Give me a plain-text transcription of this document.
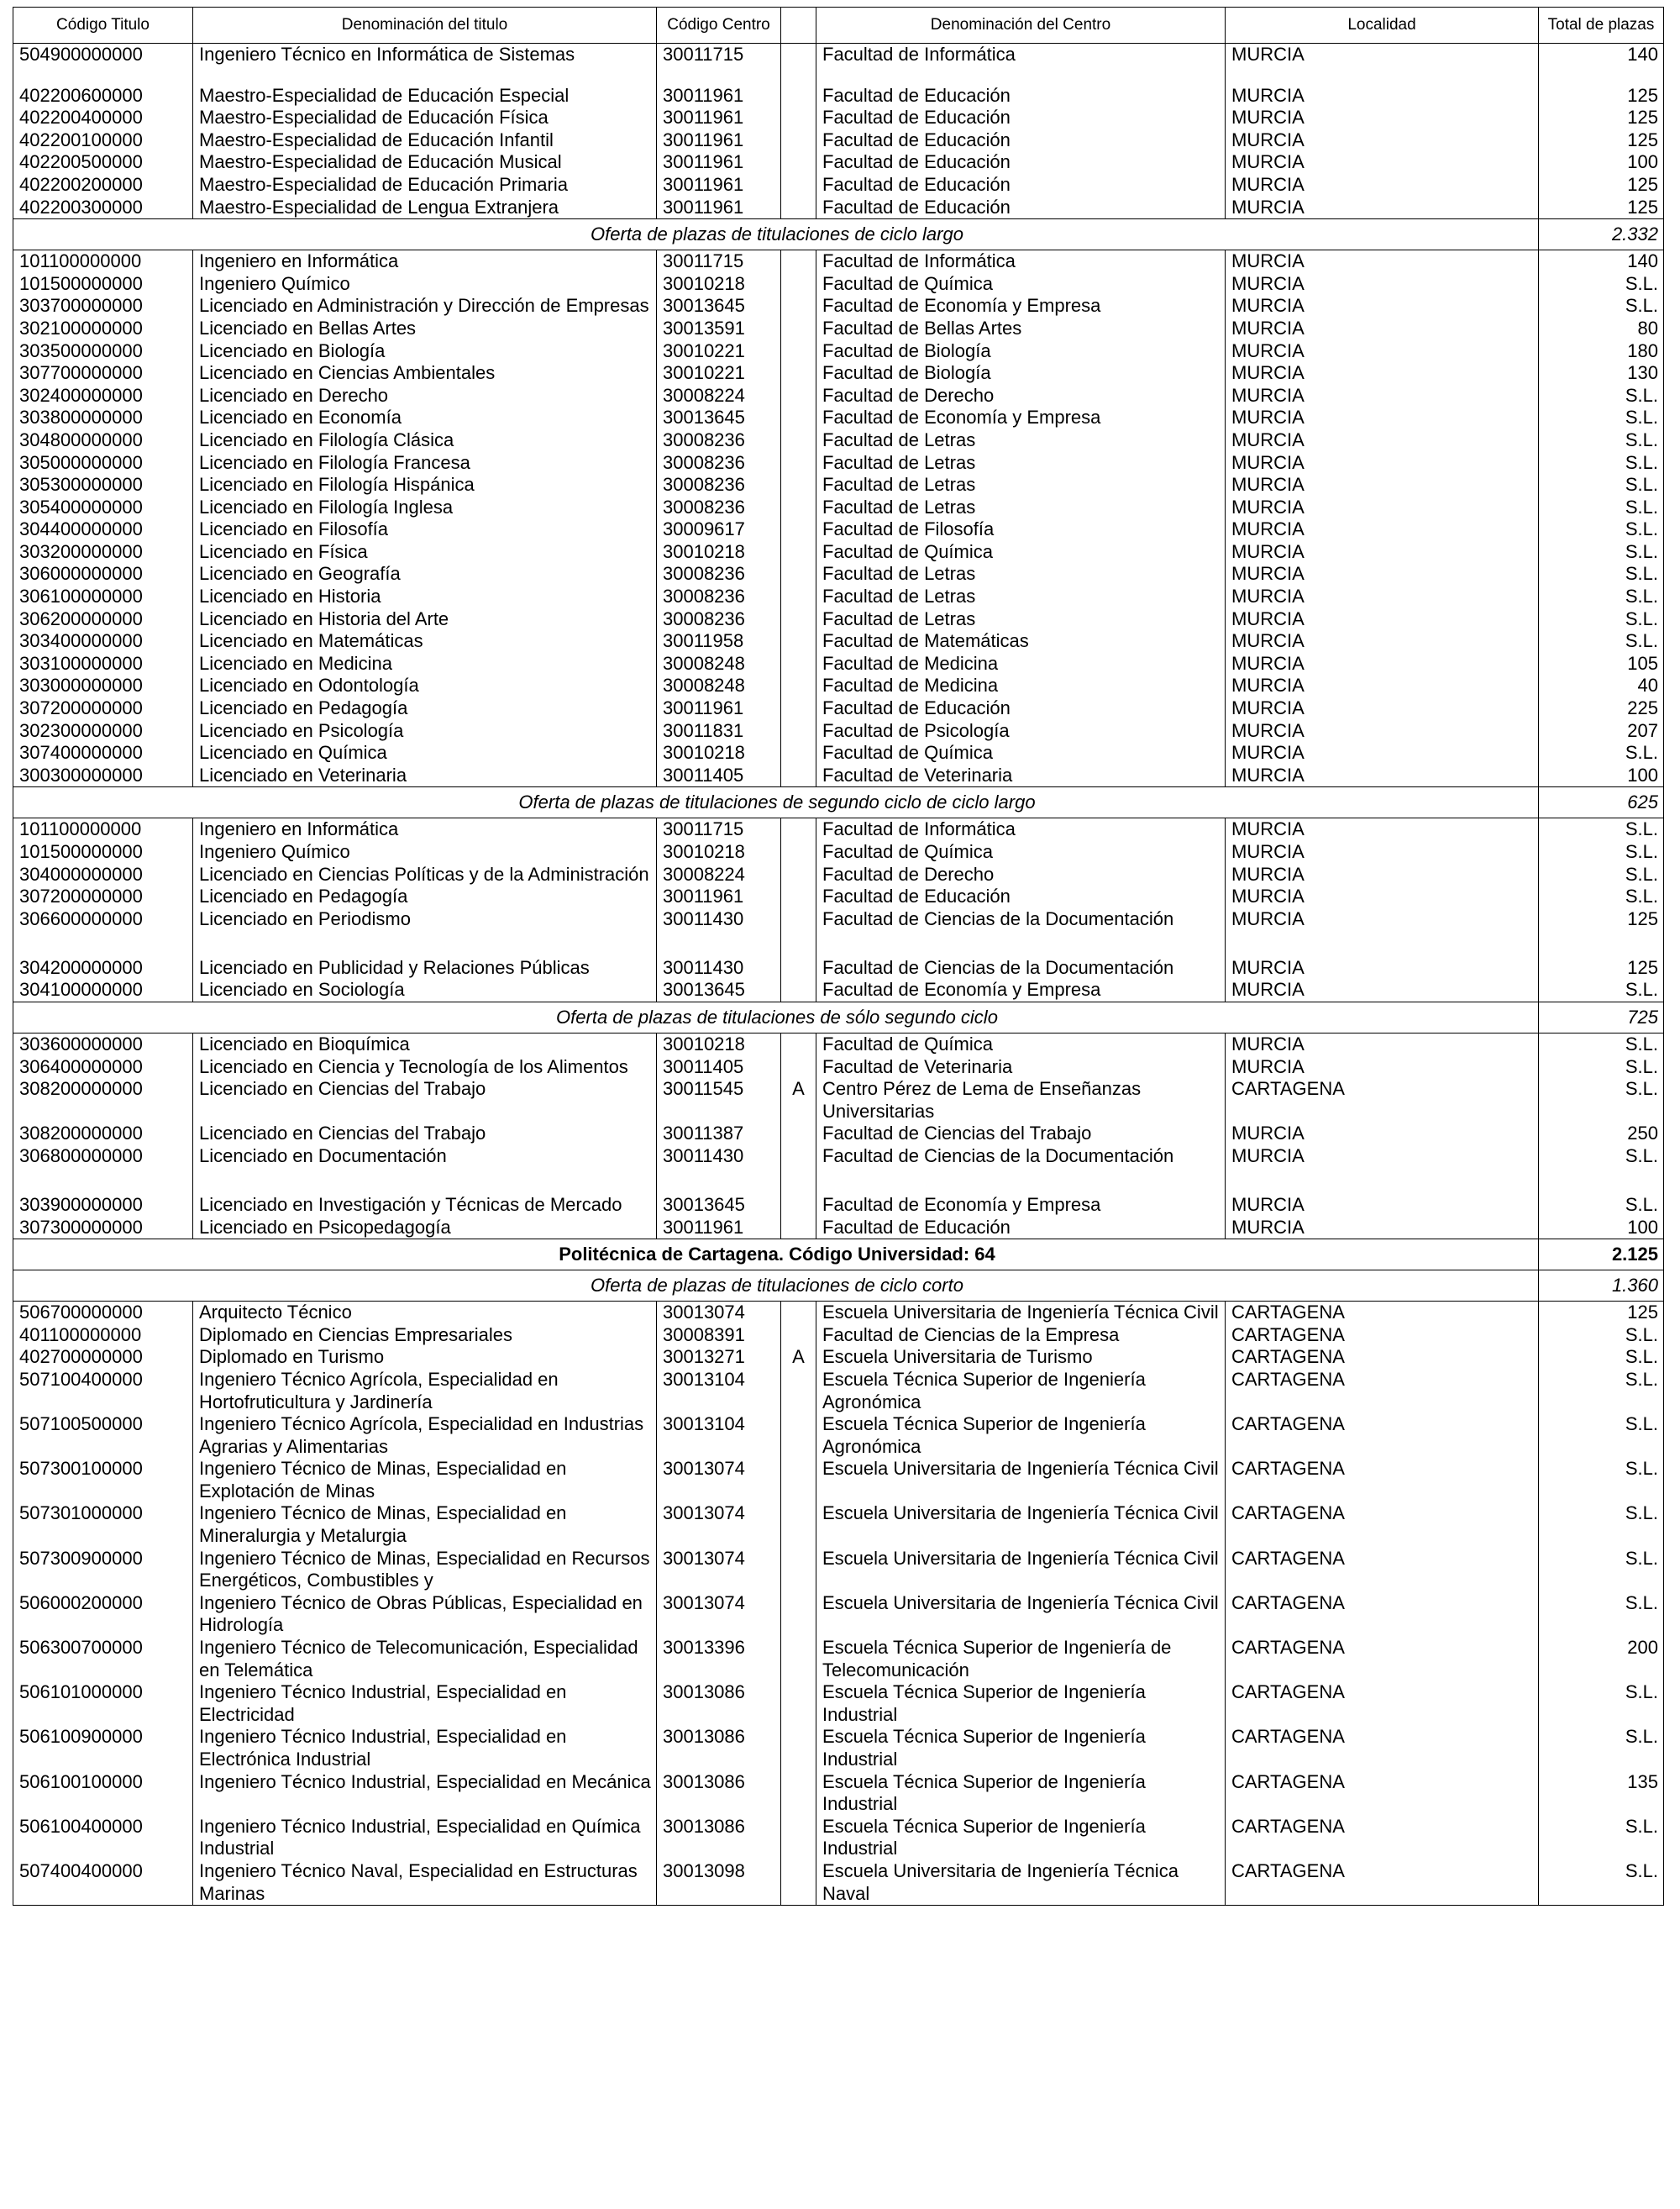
Código Titulo	Denominación del titulo	Código Centro		Denominación del Centro	Localidad	Total de plazas
504900000000	Ingeniero Técnico en Informática de Sistemas	30011715		Facultad de Informática	MURCIA	140

402200600000	Maestro-Especialidad de Educación Especial	30011961		Facultad de Educación	MURCIA	125
402200400000	Maestro-Especialidad de Educación Física	30011961		Facultad de Educación	MURCIA	125
402200100000	Maestro-Especialidad de Educación Infantil	30011961		Facultad de Educación	MURCIA	125
402200500000	Maestro-Especialidad de Educación Musical	30011961		Facultad de Educación	MURCIA	100
402200200000	Maestro-Especialidad de Educación Primaria	30011961		Facultad de Educación	MURCIA	125
402200300000	Maestro-Especialidad de Lengua Extranjera	30011961		Facultad de Educación	MURCIA	125
Oferta de plazas de titulaciones de ciclo largo						2.332
101100000000	Ingeniero en Informática	30011715		Facultad de Informática	MURCIA	140
101500000000	Ingeniero Químico	30010218		Facultad de Química	MURCIA	S.L.
303700000000	Licenciado en Administración y Dirección de Empresas	30013645		Facultad de Economía y Empresa	MURCIA	S.L.
302100000000	Licenciado en Bellas Artes	30013591		Facultad de Bellas Artes	MURCIA	80
303500000000	Licenciado en Biología	30010221		Facultad de Biología	MURCIA	180
307700000000	Licenciado en Ciencias Ambientales	30010221		Facultad de Biología	MURCIA	130
302400000000	Licenciado en Derecho	30008224		Facultad de Derecho	MURCIA	S.L.
303800000000	Licenciado en Economía	30013645		Facultad de Economía y Empresa	MURCIA	S.L.
304800000000	Licenciado en Filología Clásica	30008236		Facultad de Letras	MURCIA	S.L.
305000000000	Licenciado en Filología Francesa	30008236		Facultad de Letras	MURCIA	S.L.
305300000000	Licenciado en Filología Hispánica	30008236		Facultad de Letras	MURCIA	S.L.
305400000000	Licenciado en Filología Inglesa	30008236		Facultad de Letras	MURCIA	S.L.
304400000000	Licenciado en Filosofía	30009617		Facultad de Filosofía	MURCIA	S.L.
303200000000	Licenciado en Física	30010218		Facultad de Química	MURCIA	S.L.
306000000000	Licenciado en Geografía	30008236		Facultad de Letras	MURCIA	S.L.
306100000000	Licenciado en Historia	30008236		Facultad de Letras	MURCIA	S.L.
306200000000	Licenciado en Historia del Arte	30008236		Facultad de Letras	MURCIA	S.L.
303400000000	Licenciado en Matemáticas	30011958		Facultad de Matemáticas	MURCIA	S.L.
303100000000	Licenciado en Medicina	30008248		Facultad de Medicina	MURCIA	105
303000000000	Licenciado en Odontología	30008248		Facultad de Medicina	MURCIA	40
307200000000	Licenciado en Pedagogía	30011961		Facultad de Educación	MURCIA	225
302300000000	Licenciado en Psicología	30011831		Facultad de Psicología	MURCIA	207
307400000000	Licenciado en Química	30010218		Facultad de Química	MURCIA	S.L.
300300000000	Licenciado en Veterinaria	30011405		Facultad de Veterinaria	MURCIA	100
Oferta de plazas de titulaciones de segundo ciclo de ciclo largo						625
101100000000	Ingeniero en Informática	30011715		Facultad de Informática	MURCIA	S.L.
101500000000	Ingeniero Químico	30010218		Facultad de Química	MURCIA	S.L.
304000000000	Licenciado en Ciencias Políticas y de la Administración	30008224		Facultad de Derecho	MURCIA	S.L.
307200000000	Licenciado en Pedagogía	30011961		Facultad de Educación	MURCIA	S.L.
306600000000	Licenciado en Periodismo	30011430		Facultad de Ciencias de la Documentación	MURCIA	125
304200000000	Licenciado en Publicidad y Relaciones Públicas	30011430		Facultad de Ciencias de la Documentación	MURCIA	125
304100000000	Licenciado en Sociología	30013645		Facultad de Economía y Empresa	MURCIA	S.L.
Oferta de plazas de titulaciones de sólo segundo ciclo						725
303600000000	Licenciado en Bioquímica	30010218		Facultad de Química	MURCIA	S.L.
306400000000	Licenciado en Ciencia y Tecnología de los Alimentos	30011405		Facultad de Veterinaria	MURCIA	S.L.
308200000000	Licenciado en Ciencias del Trabajo	30011545	A	Centro Pérez de Lema de Enseñanzas Universitarias	CARTAGENA	S.L.
308200000000	Licenciado en Ciencias del Trabajo	30011387		Facultad de Ciencias del Trabajo	MURCIA	250
306800000000	Licenciado en Documentación	30011430		Facultad de Ciencias de la Documentación	MURCIA	S.L.
303900000000	Licenciado en Investigación y Técnicas de Mercado	30013645		Facultad de Economía y Empresa	MURCIA	S.L.
307300000000	Licenciado en Psicopedagogía	30011961		Facultad de Educación	MURCIA	100
Politécnica de Cartagena. Código Universidad: 64						2.125
Oferta de plazas de titulaciones de ciclo corto						1.360
506700000000	Arquitecto Técnico	30013074		Escuela Universitaria de Ingeniería Técnica Civil	CARTAGENA	125
401100000000	Diplomado en Ciencias Empresariales	30008391		Facultad de Ciencias de la Empresa	CARTAGENA	S.L.
402700000000	Diplomado en Turismo	30013271	A	Escuela Universitaria de Turismo	CARTAGENA	S.L.
507100400000	Ingeniero Técnico Agrícola, Especialidad en Hortofruticultura y Jardinería	30013104		Escuela Técnica Superior de Ingeniería Agronómica	CARTAGENA	S.L.
507100500000	Ingeniero Técnico Agrícola, Especialidad en Industrias Agrarias y Alimentarias	30013104		Escuela Técnica Superior de Ingeniería Agronómica	CARTAGENA	S.L.
507300100000	Ingeniero Técnico de Minas, Especialidad en Explotación de Minas	30013074		Escuela Universitaria de Ingeniería Técnica Civil	CARTAGENA	S.L.
507301000000	Ingeniero Técnico de Minas, Especialidad en Mineralurgia y Metalurgia	30013074		Escuela Universitaria de Ingeniería Técnica Civil	CARTAGENA	S.L.
507300900000	Ingeniero Técnico de Minas, Especialidad en Recursos Energéticos, Combustibles y	30013074		Escuela Universitaria de Ingeniería Técnica Civil	CARTAGENA	S.L.
506000200000	Ingeniero Técnico de Obras Públicas, Especialidad en Hidrología	30013074		Escuela Universitaria de Ingeniería Técnica Civil	CARTAGENA	S.L.
506300700000	Ingeniero Técnico de Telecomunicación, Especialidad en Telemática	30013396		Escuela Técnica Superior de Ingeniería de Telecomunicación	CARTAGENA	200
506101000000	Ingeniero Técnico Industrial, Especialidad en Electricidad	30013086		Escuela Técnica Superior de Ingeniería Industrial	CARTAGENA	S.L.
506100900000	Ingeniero Técnico Industrial, Especialidad en Electrónica Industrial	30013086		Escuela Técnica Superior de Ingeniería Industrial	CARTAGENA	S.L.
506100100000	Ingeniero Técnico Industrial, Especialidad en Mecánica	30013086		Escuela Técnica Superior de Ingeniería Industrial	CARTAGENA	135
506100400000	Ingeniero Técnico Industrial, Especialidad en Química Industrial	30013086		Escuela Técnica Superior de Ingeniería Industrial	CARTAGENA	S.L.
507400400000	Ingeniero Técnico Naval, Especialidad en Estructuras Marinas	30013098		Escuela Universitaria de Ingeniería Técnica Naval	CARTAGENA	S.L.
